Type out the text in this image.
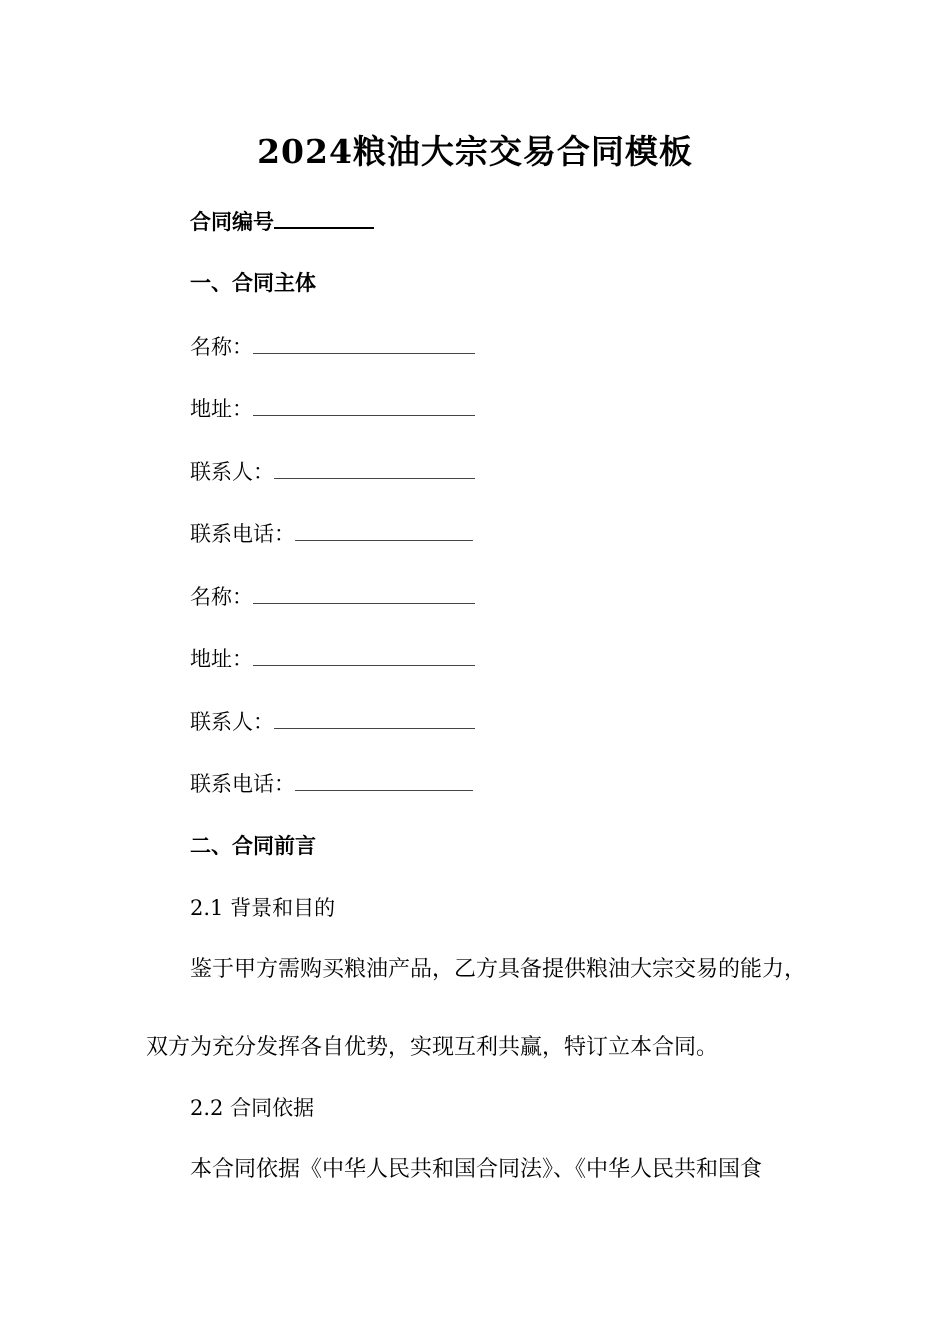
2024粮油大宗交易合同模板
合同编号
一、合同主体
名称：
地址：
联系人：
联系电话：
名称：
地址：
联系人：
联系电话：
二、合同前言
2.1 背景和目的
鉴于甲方需购买粮油产品，乙方具备提供粮油大宗交易的能力，
双方为充分发挥各自优势，实现互利共赢，特订立本合同。
2.2 合同依据
本合同依据《中华人民共和国合同法》、《中华人民共和国食
